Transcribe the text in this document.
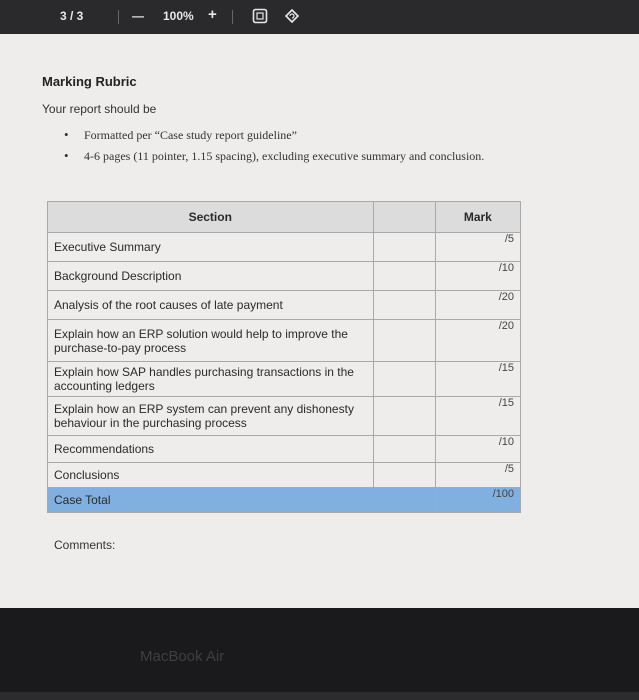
3 / 3	— 100% +
Marking Rubric
Your report should be
• Formatted per “Case study report guideline”
• 4-6 pages (11 pointer, 1.15 spacing), excluding executive summary and conclusion.
Section		Mark
Executive Summary		/5
Background Description		/10
Analysis of the root causes of late payment		/20
Explain how an ERP solution would help to improve the purchase-to-pay process		/20
Explain how SAP handles purchasing transactions in the accounting ledgers		/15
Explain how an ERP system can prevent any dishonesty behaviour in the purchasing process		/15
Recommendations		/10
Conclusions		/5
Case Total		/100
Comments:
MacBook Air
